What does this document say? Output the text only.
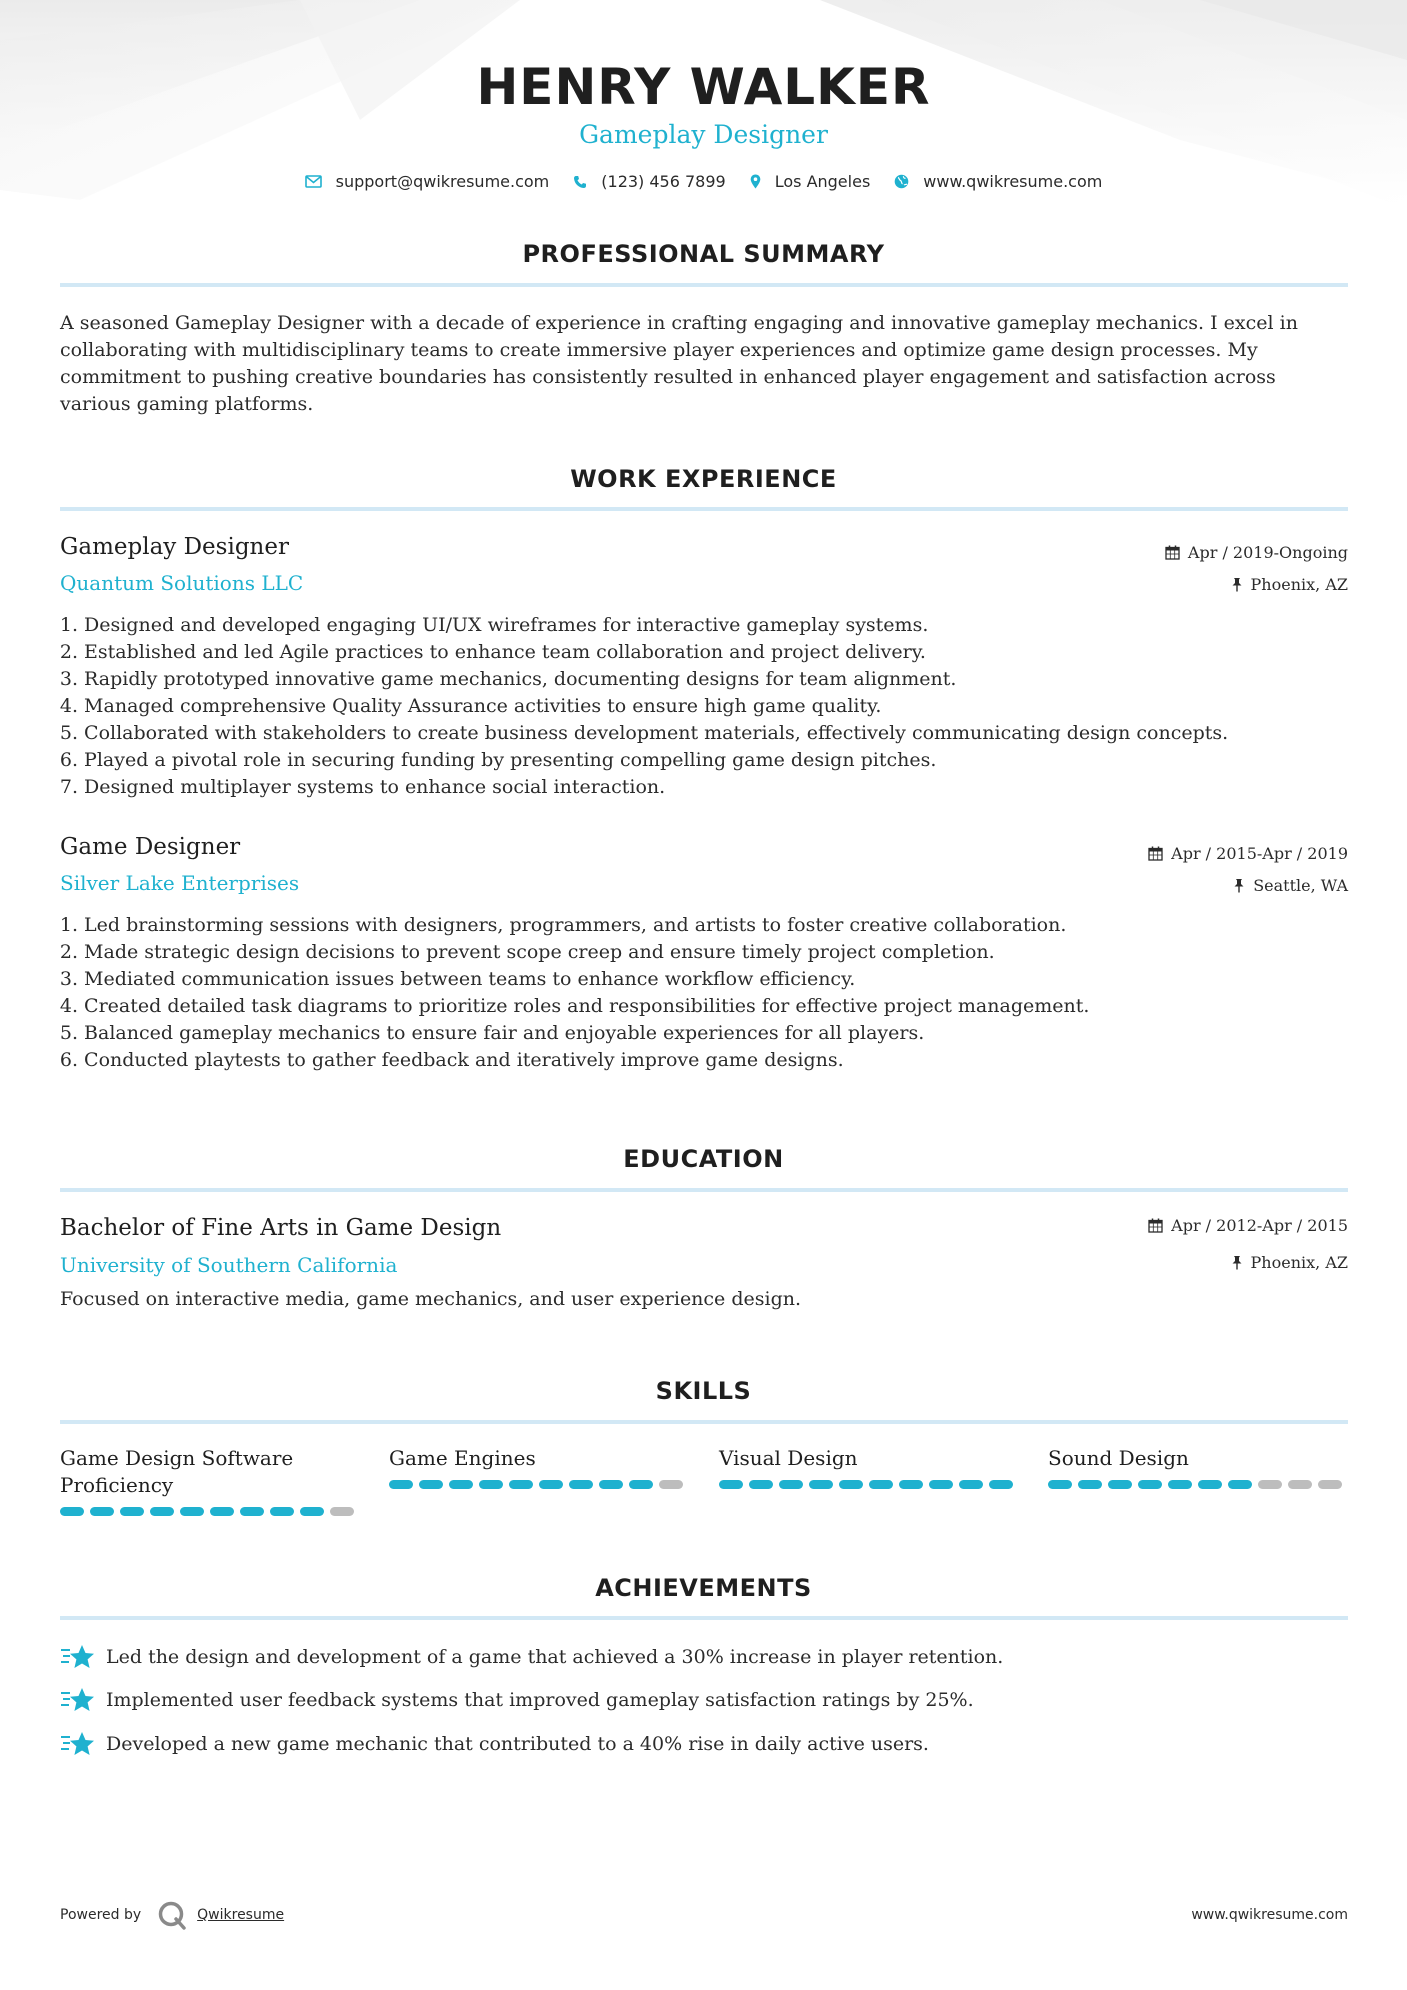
HENRY WALKER
Gameplay Designer
support@qwikresume.com	(123) 456 7899	Los Angeles	www.qwikresume.com
PROFESSIONAL SUMMARY
A seasoned Gameplay Designer with a decade of experience in crafting engaging and innovative gameplay mechanics. I excel in collaborating with multidisciplinary teams to create immersive player experiences and optimize game design processes. My commitment to pushing creative boundaries has consistently resulted in enhanced player engagement and satisfaction across various gaming platforms.
WORK EXPERIENCE
Gameplay Designer
Quantum Solutions LLC
Apr / 2019-Ongoing
Phoenix, AZ
1.
Designed and developed engaging UI/UX wireframes for interactive gameplay systems.
2.
Established and led Agile practices to enhance team collaboration and project delivery.
3.
Rapidly prototyped innovative game mechanics, documenting designs for team alignment.
4.
Managed comprehensive Quality Assurance activities to ensure high game quality.
5.
Collaborated with stakeholders to create business development materials, effectively communicating design concepts.
6.
Played a pivotal role in securing funding by presenting compelling game design pitches.
7.
Designed multiplayer systems to enhance social interaction.
Game Designer
Silver Lake Enterprises
Apr / 2015-Apr / 2019
Seattle, WA
1.
Led brainstorming sessions with designers, programmers, and artists to foster creative collaboration.
2.
Made strategic design decisions to prevent scope creep and ensure timely project completion.
3.
Mediated communication issues between teams to enhance workflow efficiency.
4.
Created detailed task diagrams to prioritize roles and responsibilities for effective project management.
5.
Balanced gameplay mechanics to ensure fair and enjoyable experiences for all players.
6.
Conducted playtests to gather feedback and iteratively improve game designs.
EDUCATION
Bachelor of Fine Arts in Game Design
University of Southern California
Apr / 2012-Apr / 2015
Phoenix, AZ
Focused on interactive media, game mechanics, and user experience design.
SKILLS
Game Design Software Proficiency
Game Engines	Visual Design	Sound Design
ACHIEVEMENTS
Led the design and development of a game that achieved a 30% increase in player retention.
Implemented user feedback systems that improved gameplay satisfaction ratings by 25%.
Developed a new game mechanic that contributed to a 40% rise in daily active users.
Powered by	Qwikresume	www.qwikresume.com
